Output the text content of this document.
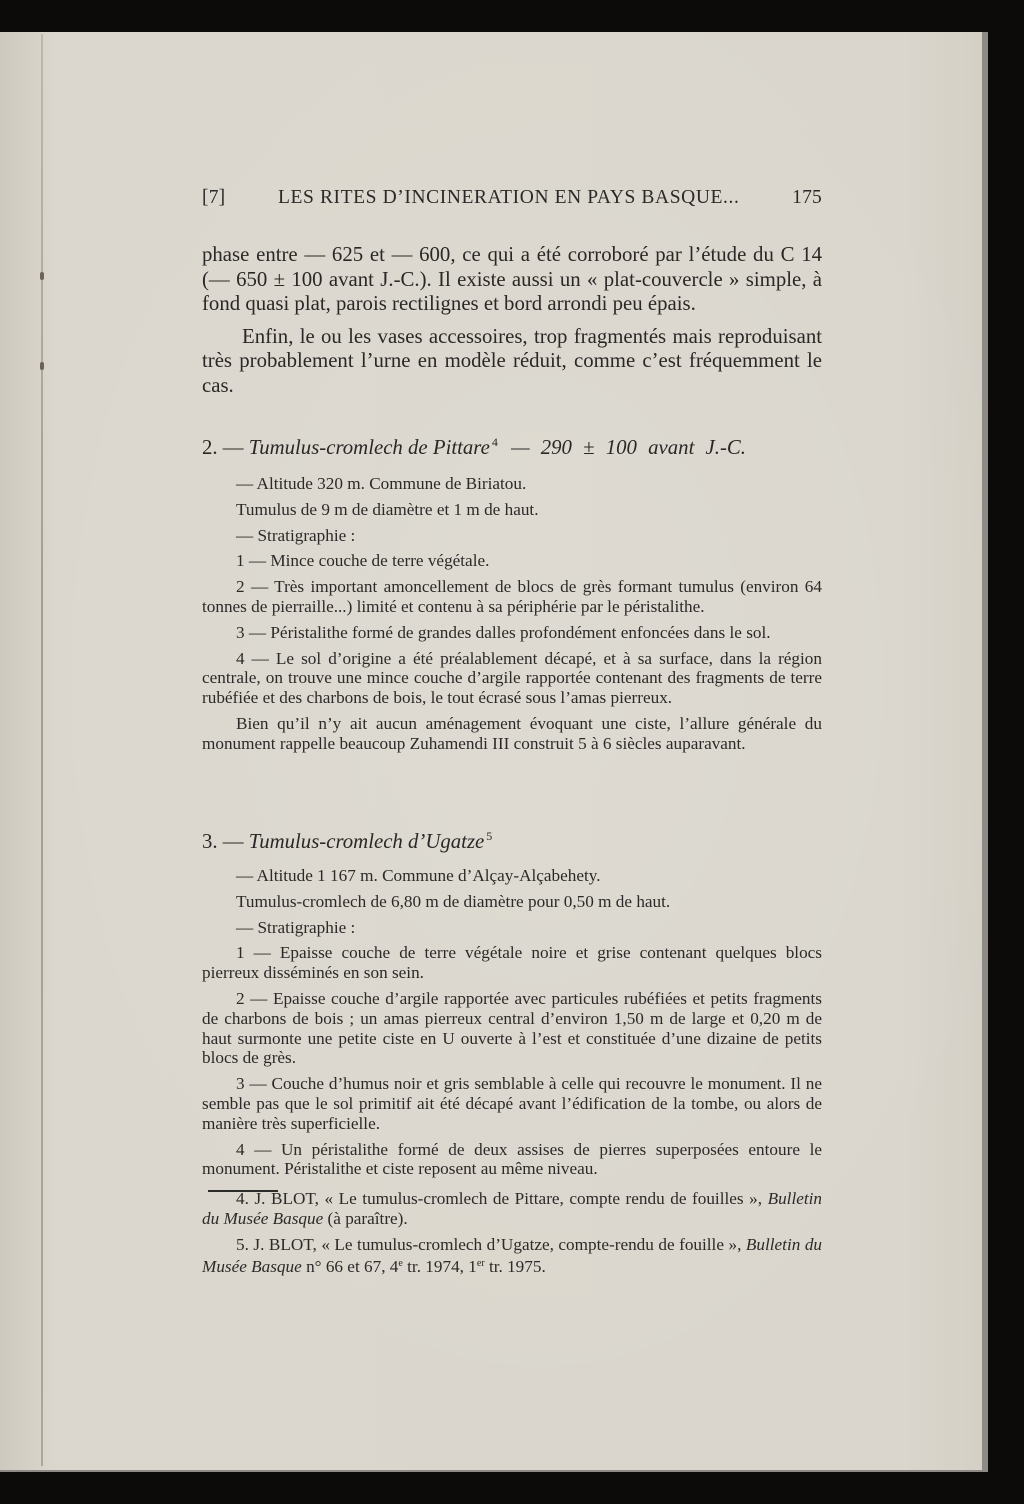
[7]	LES RITES D’INCINERATION EN PAYS BASQUE...	175

phase entre — 625 et — 600, ce qui a été corroboré par l’étude du C 14 (— 650 ± 100 avant J.-C.). Il existe aussi un « plat-couvercle » simple, à fond quasi plat, parois rectilignes et bord arrondi peu épais.

Enfin, le ou les vases accessoires, trop fragmentés mais reproduisant très probablement l’urne en modèle réduit, comme c’est fréquemment le cas.

2. — Tumulus-cromlech de Pittare $^4$ — 290 ± 100 avant J.-C.

— Altitude 320 m. Commune de Biriatou.

Tumulus de 9 m de diamètre et 1 m de haut.

— Stratigraphie :

1 — Mince couche de terre végétale.

2 — Très important amoncellement de blocs de grès formant tumulus (environ 64 tonnes de pierraille...) limité et contenu à sa périphérie par le péristalithe.

3 — Péristalithe formé de grandes dalles profondément enfoncées dans le sol.

4 — Le sol d’origine a été préalablement décapé, et à sa surface, dans la région centrale, on trouve une mince couche d’argile rapportée contenant des fragments de terre rubéfiée et des charbons de bois, le tout écrasé sous l’amas pierreux.

Bien qu’il n’y ait aucun aménagement évoquant une ciste, l’allure générale du monument rappelle beaucoup Zuhamendi III construit 5 à 6 siècles auparavant.

3. — Tumulus-cromlech d’Ugatze $^5$

— Altitude 1 167 m. Commune d’Alçay-Alçabehety.

Tumulus-cromlech de 6,80 m de diamètre pour 0,50 m de haut.

— Stratigraphie :

1 — Epaisse couche de terre végétale noire et grise contenant quelques blocs pierreux disséminés en son sein.

2 — Epaisse couche d’argile rapportée avec particules rubéfiées et petits fragments de charbons de bois ; un amas pierreux central d’environ 1,50 m de large et 0,20 m de haut surmonte une petite ciste en U ouverte à l’est et constituée d’une dizaine de petits blocs de grès.

3 — Couche d’humus noir et gris semblable à celle qui recouvre le monument. Il ne semble pas que le sol primitif ait été décapé avant l’édification de la tombe, ou alors de manière très superficielle.

4 — Un péristalithe formé de deux assises de pierres superposées entoure le monument. Péristalithe et ciste reposent au même niveau.

4. J. BLOT, « Le tumulus-cromlech de Pittare, compte rendu de fouilles », Bulletin du Musée Basque (à paraître).

5. J. BLOT, « Le tumulus-cromlech d’Ugatze, compte-rendu de fouille », Bulletin du Musée Basque n° 66 et 67, 4e tr. 1974, 1er tr. 1975.
